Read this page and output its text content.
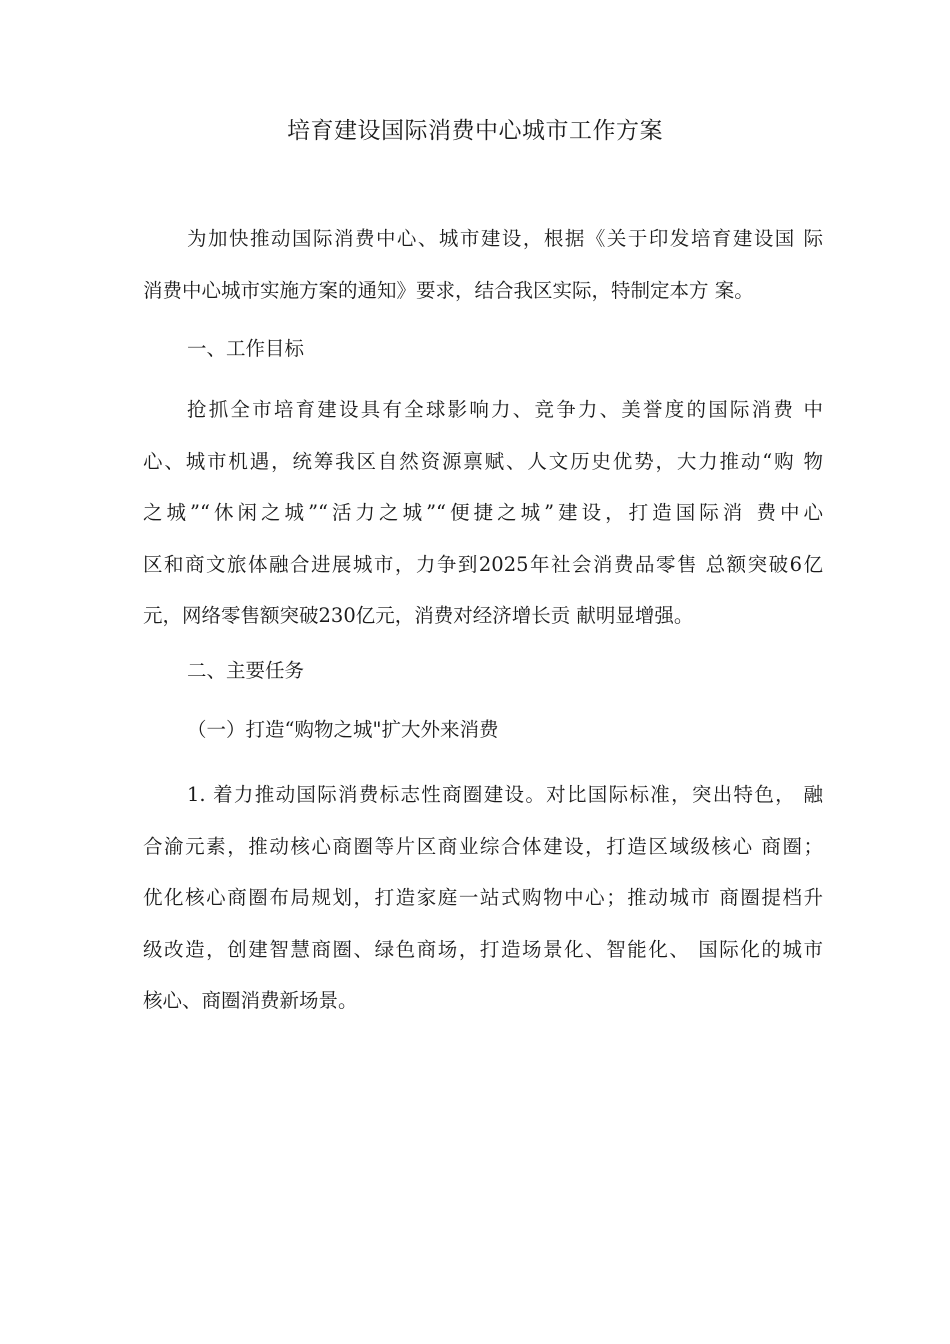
培育建设国际消费中心城市工作方案
为加快推动国际消费中心、城市建设，根据《关于印发培育建设国 际
消费中心城市实施方案的通知》要求，结合我区实际，特制定本方 案。
一、工作目标
抢抓全市培育建设具有全球影响力、竞争力、美誉度的国际消费 中
心、城市机遇，统筹我区自然资源禀赋、人文历史优势，大力推动“购 物
之城”“休闲之城”“活力之城”“便捷之城”建设，打造国际消 费中心
区和商文旅体融合进展城市，力争到2025年社会消费品零售 总额突破6亿
元，网络零售额突破230亿元，消费对经济增长贡 献明显增强。
二、主要任务
（一）打造“购物之城"扩大外来消费
1. 着力推动国际消费标志性商圈建设。对比国际标准，突出特色， 融
合渝元素，推动核心商圈等片区商业综合体建设，打造区域级核心 商圈；
优化核心商圈布局规划，打造家庭一站式购物中心；推动城市 商圈提档升
级改造，创建智慧商圈、绿色商场，打造场景化、智能化、 国际化的城市
核心、商圈消费新场景。
